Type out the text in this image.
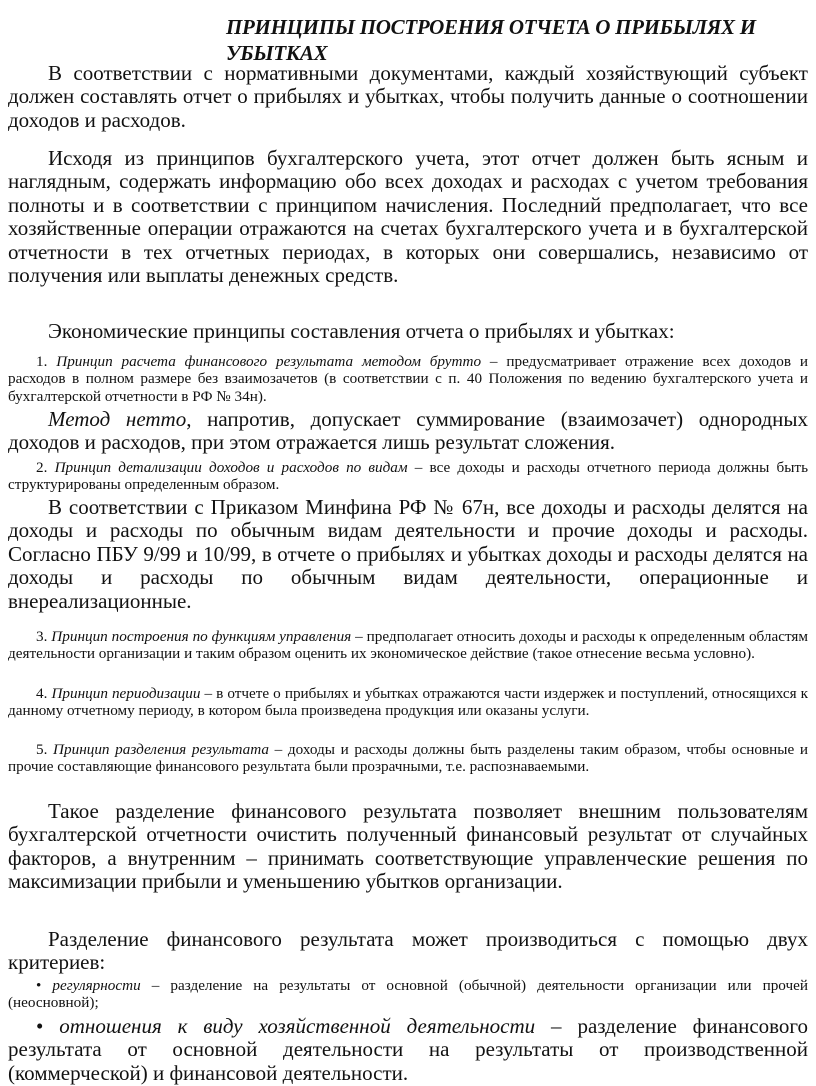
ПРИНЦИПЫ ПОСТРОЕНИЯ ОТЧЕТА О ПРИБЫЛЯХ И УБЫТКАХ

В соответствии с нормативными документами, каждый хозяйствующий субъект должен составлять отчет о прибылях и убытках, чтобы получить данные о соотношении доходов и расходов.

Исходя из принципов бухгалтерского учета, этот отчет должен быть ясным и наглядным, содержать информацию обо всех доходах и расходах с учетом требования полноты и в соответствии с принципом начисления. Последний предполагает, что все хозяйственные операции отражаются на счетах бухгалтерского учета и в бухгалтерской отчетности в тех отчетных периодах, в которых они совершались, независимо от получения или выплаты денежных средств.

Экономические принципы составления отчета о прибылях и убытках:

1. Принцип расчета финансового результата методом брутто – предусматривает отражение всех доходов и расходов в полном размере без взаимозачетов (в соответствии с п. 40 Положения по ведению бухгалтерского учета и бухгалтерской отчетности в РФ № 34н).

Метод нетто, напротив, допускает суммирование (взаимозачет) однородных доходов и расходов, при этом отражается лишь результат сложения.

2. Принцип детализации доходов и расходов по видам – все доходы и расходы отчетного периода должны быть структурированы определенным образом.

В соответствии с Приказом Минфина РФ № 67н, все доходы и расходы делятся на доходы и расходы по обычным видам деятельности и прочие доходы и расходы. Согласно ПБУ 9/99 и 10/99, в отчете о прибылях и убытках доходы и расходы делятся на доходы и расходы по обычным видам деятельности, операционные и внереализационные.

3. Принцип построения по функциям управления – предполагает относить доходы и расходы к определенным областям деятельности организации и таким образом оценить их экономическое действие (такое отнесение весьма условно).

4. Принцип периодизации – в отчете о прибылях и убытках отражаются части издержек и поступлений, относящихся к данному отчетному периоду, в котором была произведена продукция или оказаны услуги.

5. Принцип разделения результата – доходы и расходы должны быть разделены таким образом, чтобы основные и прочие составляющие финансового результата были прозрачными, т.е. распознаваемыми.

Такое разделение финансового результата позволяет внешним пользователям бухгалтерской отчетности очистить полученный финансовый результат от случайных факторов, а внутренним – принимать соответствующие управленческие решения по максимизации прибыли и уменьшению убытков организации.

Разделение финансового результата может производиться с помощью двух критериев:

• регулярности – разделение на результаты от основной (обычной) деятельности организации или прочей (неосновной);

• отношения к виду хозяйственной деятельности – разделение финансового результата от основной деятельности на результаты от производственной (коммерческой) и финансовой деятельности.
